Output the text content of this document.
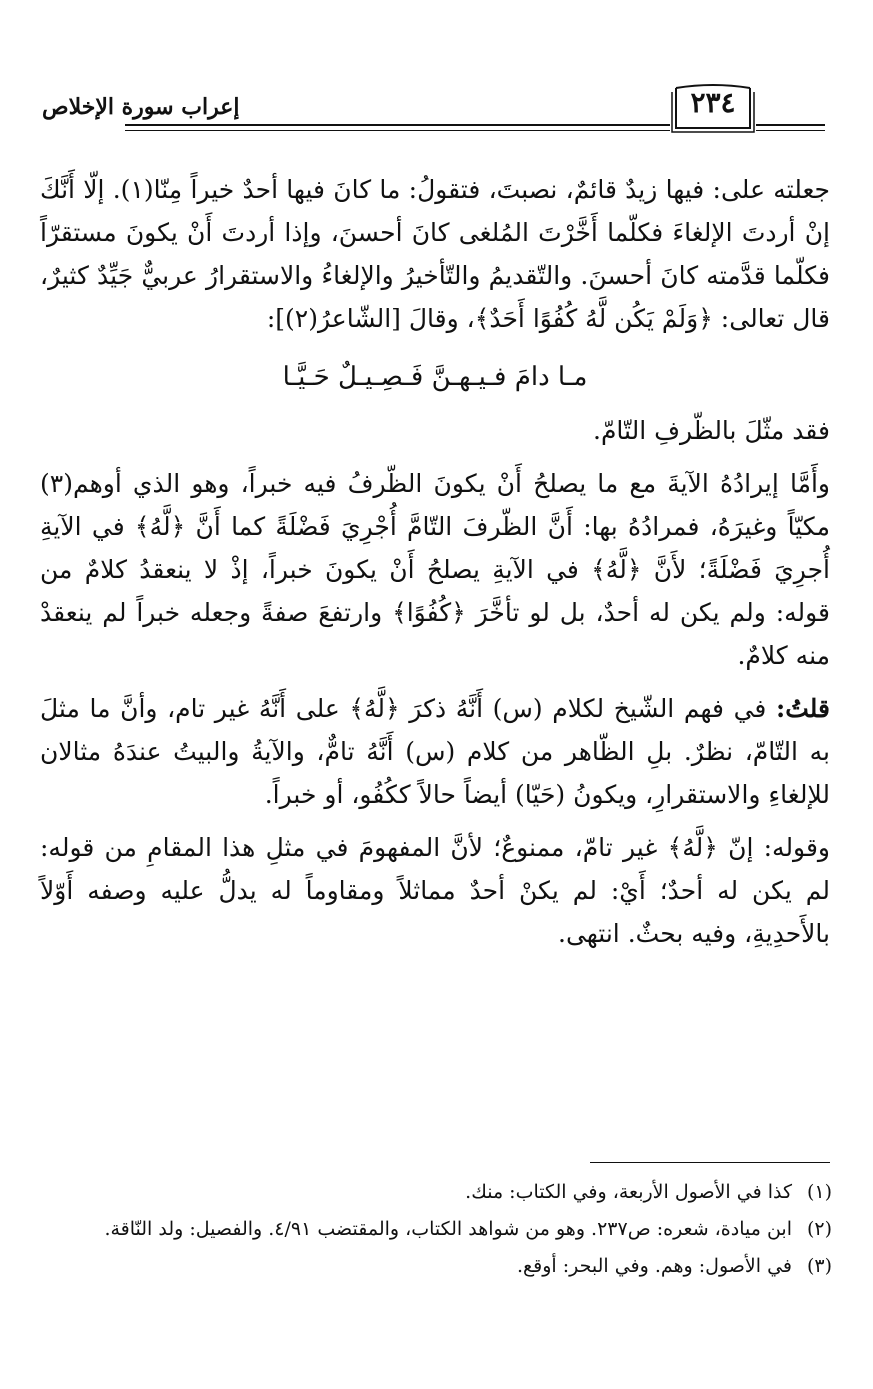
إعراب سورة الإخلاص	٢٣٤

جعلته على: فيها زيدٌ قائمٌ، نصبتَ، فتقولُ: ما كانَ فيها أحدٌ خيراً مِنّا(١). إلّا أَنَّكَ إنْ أردتَ الإلغاءَ فكلّما أَخَّرْتَ المُلغى كانَ أحسنَ، وإذا أردتَ أَنْ يكونَ مستقرّاً فكلّما قدَّمته كانَ أحسنَ. والتّقديمُ والتّأخيرُ والإلغاءُ والاستقرارُ عربيٌّ جَيِّدٌ كثيرٌ، قال تعالى: ﴿وَلَمْ يَكُن لَّهُ كُفُوًا أَحَدٌ﴾، وقالَ [الشّاعرُ(٢)]:

مـا دامَ فـيـهـنَّ فَـصِـيـلٌ حَـيَّـا

فقد مثّلَ بالظّرفِ التّامّ.

وأَمَّا إيرادُهُ الآيةَ مع ما يصلحُ أَنْ يكونَ الظّرفُ فيه خبراً، وهو الذي أوهم(٣) مكيّاً وغيرَهُ، فمرادُهُ بها: أَنَّ الظّرفَ التّامَّ أُجْرِيَ فَضْلَةً كما أَنَّ ﴿لَّهُ﴾ في الآيةِ أُجرِيَ فَضْلَةً؛ لأَنَّ ﴿لَّهُ﴾ في الآيةِ يصلحُ أَنْ يكونَ خبراً، إذْ لا ينعقدُ كلامٌ من قوله: ولم يكن له أحدٌ، بل لو تأخَّرَ ﴿كُفُوًا﴾ وارتفعَ صفةً وجعله خبراً لم ينعقدْ منه كلامٌ.

قلتُ: في فهم الشّيخ لكلام (س) أَنَّهُ ذكرَ ﴿لَّهُ﴾ على أَنَّهُ غير تام، وأنَّ ما مثلَ به التّامّ، نظرٌ. بلِ الظّاهر من كلام (س) أَنَّهُ تامٌّ، والآيةُ والبيتُ عندَهُ مثالان للإلغاءِ والاستقرارِ، ويكونُ (حَيّا) أيضاً حالاً ككُفُو، أو خبراً.

وقوله: إنّ ﴿لَّهُ﴾ غير تامّ، ممنوعٌ؛ لأنَّ المفهومَ في مثلِ هذا المقامِ من قوله: لم يكن له أحدٌ؛ أَيْ: لم يكنْ أحدٌ مماثلاً ومقاوماً له يدلُّ عليه وصفه أَوّلاً بالأَحدِيةِ، وفيه بحثٌ. انتهى.

(١)
كذا في الأصول الأربعة، وفي الكتاب: منك.
(٢)
ابن ميادة، شعره: ص٢٣٧. وهو من شواهد الكتاب، والمقتضب ٤/٩١. والفصيل: ولد النّاقة.
(٣)
في الأصول: وهم. وفي البحر: أوقع.
